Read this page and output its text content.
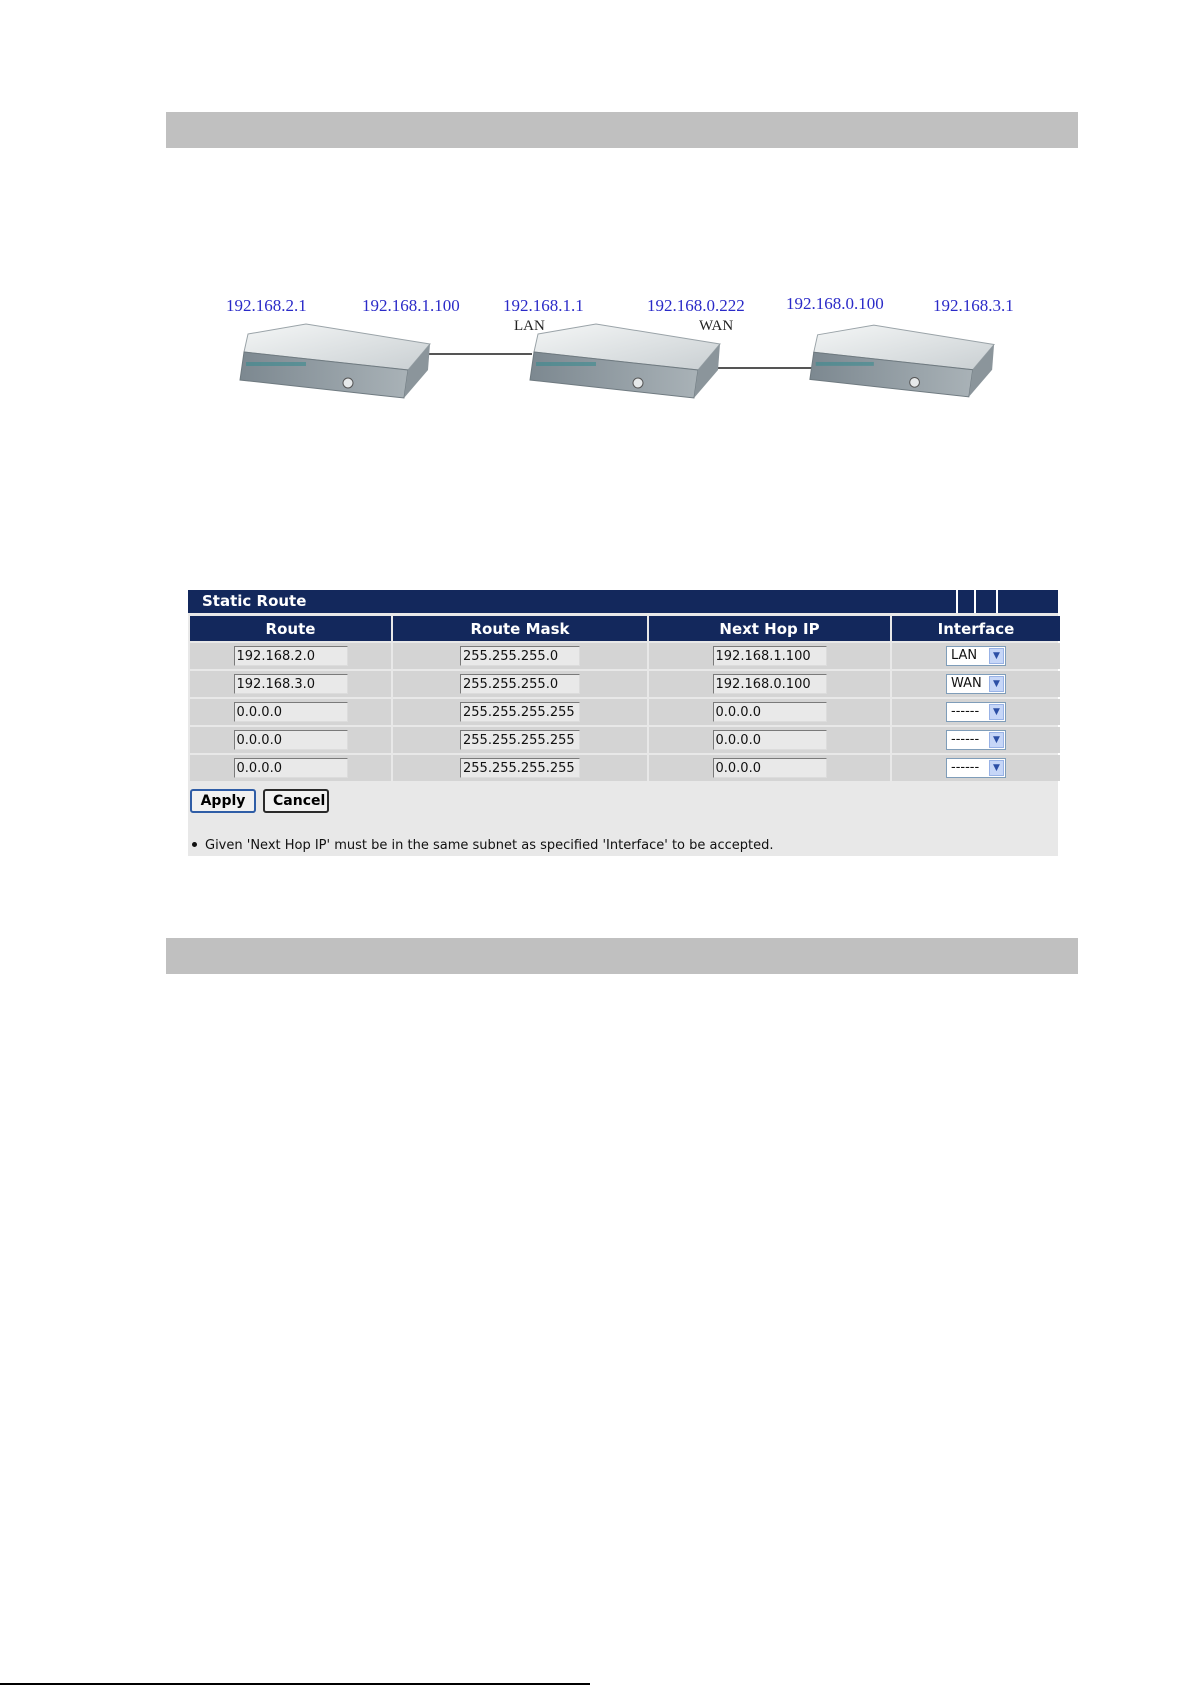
192.168.2.1	192.168.1.100	192.168.1.1
LAN
192.168.0.222
WAN
192.168.0.100	192.168.3.1
Static Route
Route	Route Mask	Next Hop IP	Interface
192.168.2.0	255.255.255.0	192.168.1.100	LAN ▼

192.168.3.0	255.255.255.0	192.168.0.100	WAN ▼

0.0.0.0	255.255.255.255	0.0.0.0	------ ▼

0.0.0.0	255.255.255.255	0.0.0.0	------ ▼

0.0.0.0	255.255.255.255	0.0.0.0	------ ▼
Apply	Cancel
Given 'Next Hop IP' must be in the same subnet as specified 'Interface' to be accepted.
